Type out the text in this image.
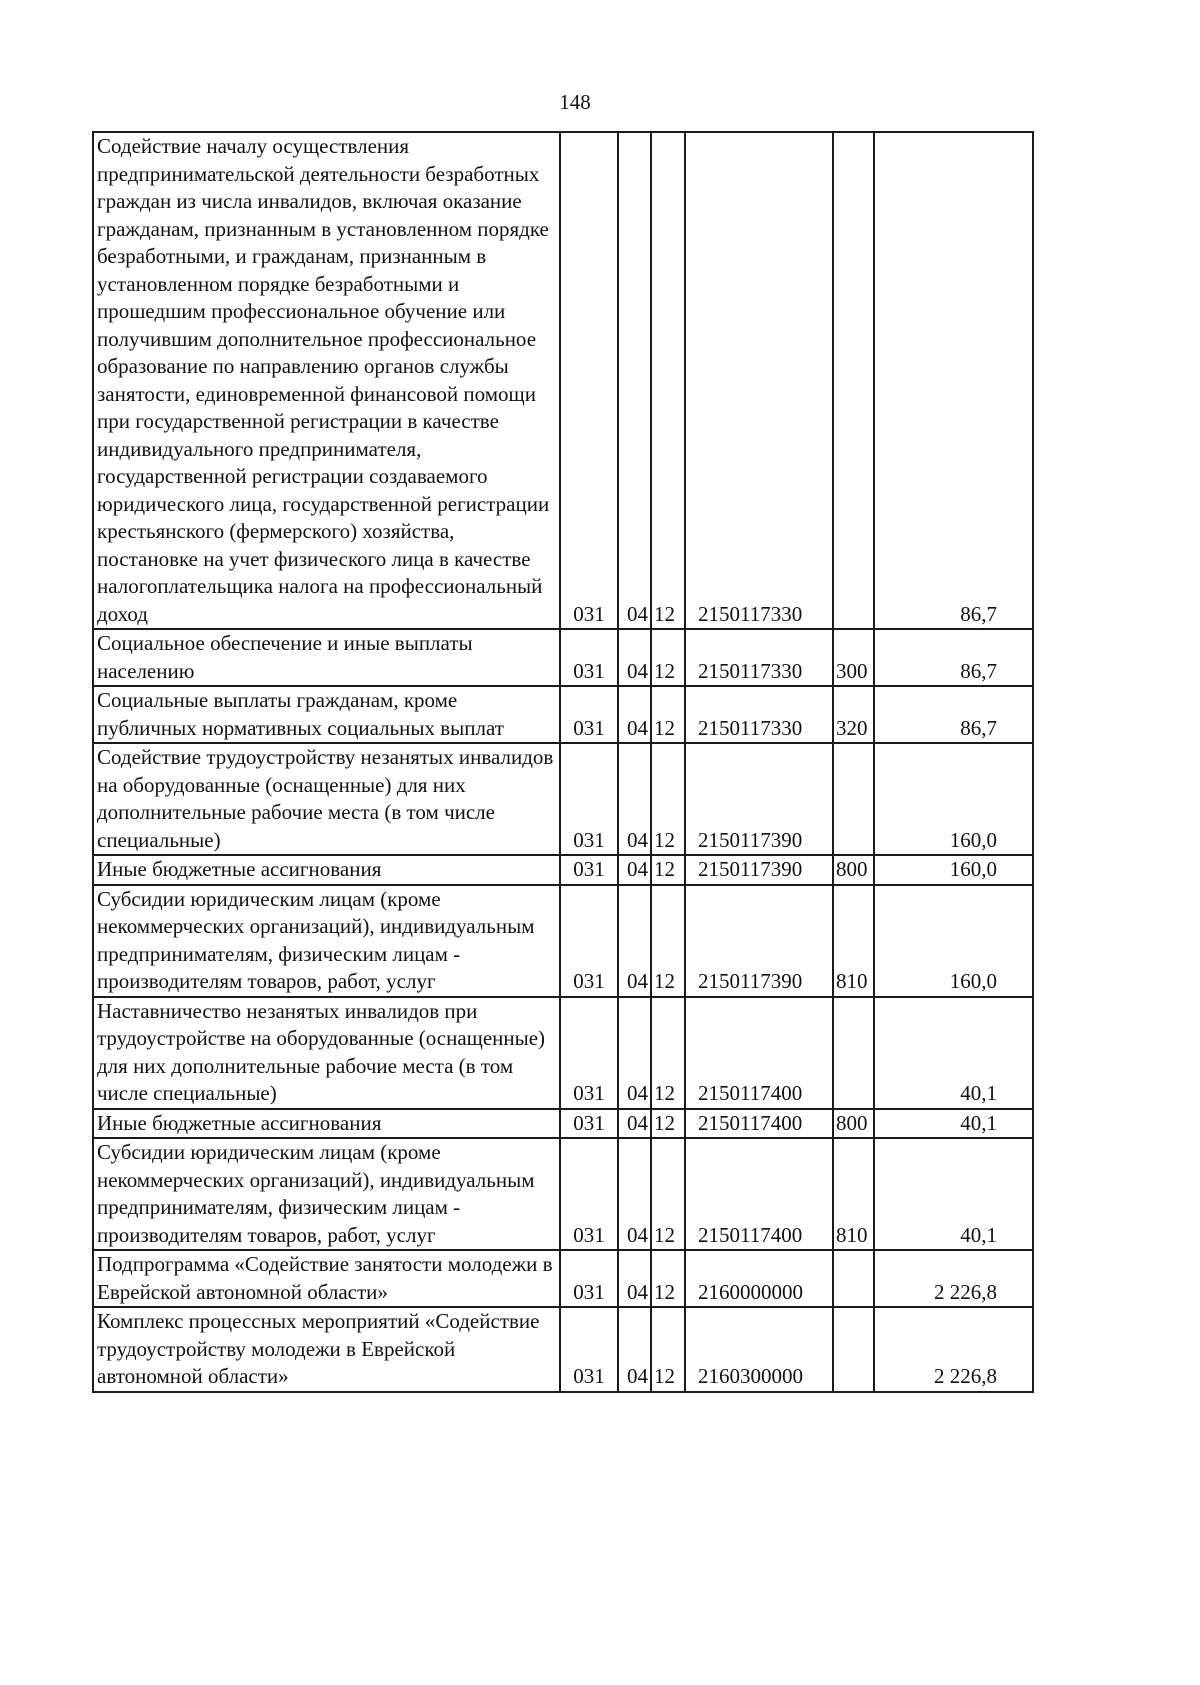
148
Содействие началу осуществления предпринимательской деятельности безработных граждан из числа инвалидов, включая оказание гражданам, признанным в установленном порядке безработными, и гражданам, признанным в установленном порядке безработными и прошедшим профессиональное обучение или получившим дополнительное профессиональное образование по направлению органов службы занятости, единовременной финансовой помощи при государственной регистрации в качестве индивидуального предпринимателя, государственной регистрации создаваемого юридического лица, государственной регистрации крестьянского (фермерского) хозяйства, постановке на учет физического лица в качестве налогоплательщика налога на профессиональный доход	031	04	12	2150117330		86,7
Социальное обеспечение и иные выплаты населению	031	04	12	2150117330	300	86,7
Социальные выплаты гражданам, кроме публичных нормативных социальных выплат	031	04	12	2150117330	320	86,7
Содействие трудоустройству незанятых инвалидов на оборудованные (оснащенные) для них дополнительные рабочие места (в том числе специальные)	031	04	12	2150117390		160,0
Иные бюджетные ассигнования	031	04	12	2150117390	800	160,0
Субсидии юридическим лицам (кроме некоммерческих организаций), индивидуальным предпринимателям, физическим лицам - производителям товаров, работ, услуг	031	04	12	2150117390	810	160,0
Наставничество незанятых инвалидов при трудоустройстве на оборудованные (оснащенные) для них дополнительные рабочие места (в том числе специальные)	031	04	12	2150117400		40,1
Иные бюджетные ассигнования	031	04	12	2150117400	800	40,1
Субсидии юридическим лицам (кроме некоммерческих организаций), индивидуальным предпринимателям, физическим лицам - производителям товаров, работ, услуг	031	04	12	2150117400	810	40,1
Подпрограмма «Содействие занятости молодежи в Еврейской автономной области»	031	04	12	2160000000		2 226,8
Комплекс процессных мероприятий «Содействие трудоустройству молодежи в Еврейской автономной области»	031	04	12	2160300000		2 226,8
